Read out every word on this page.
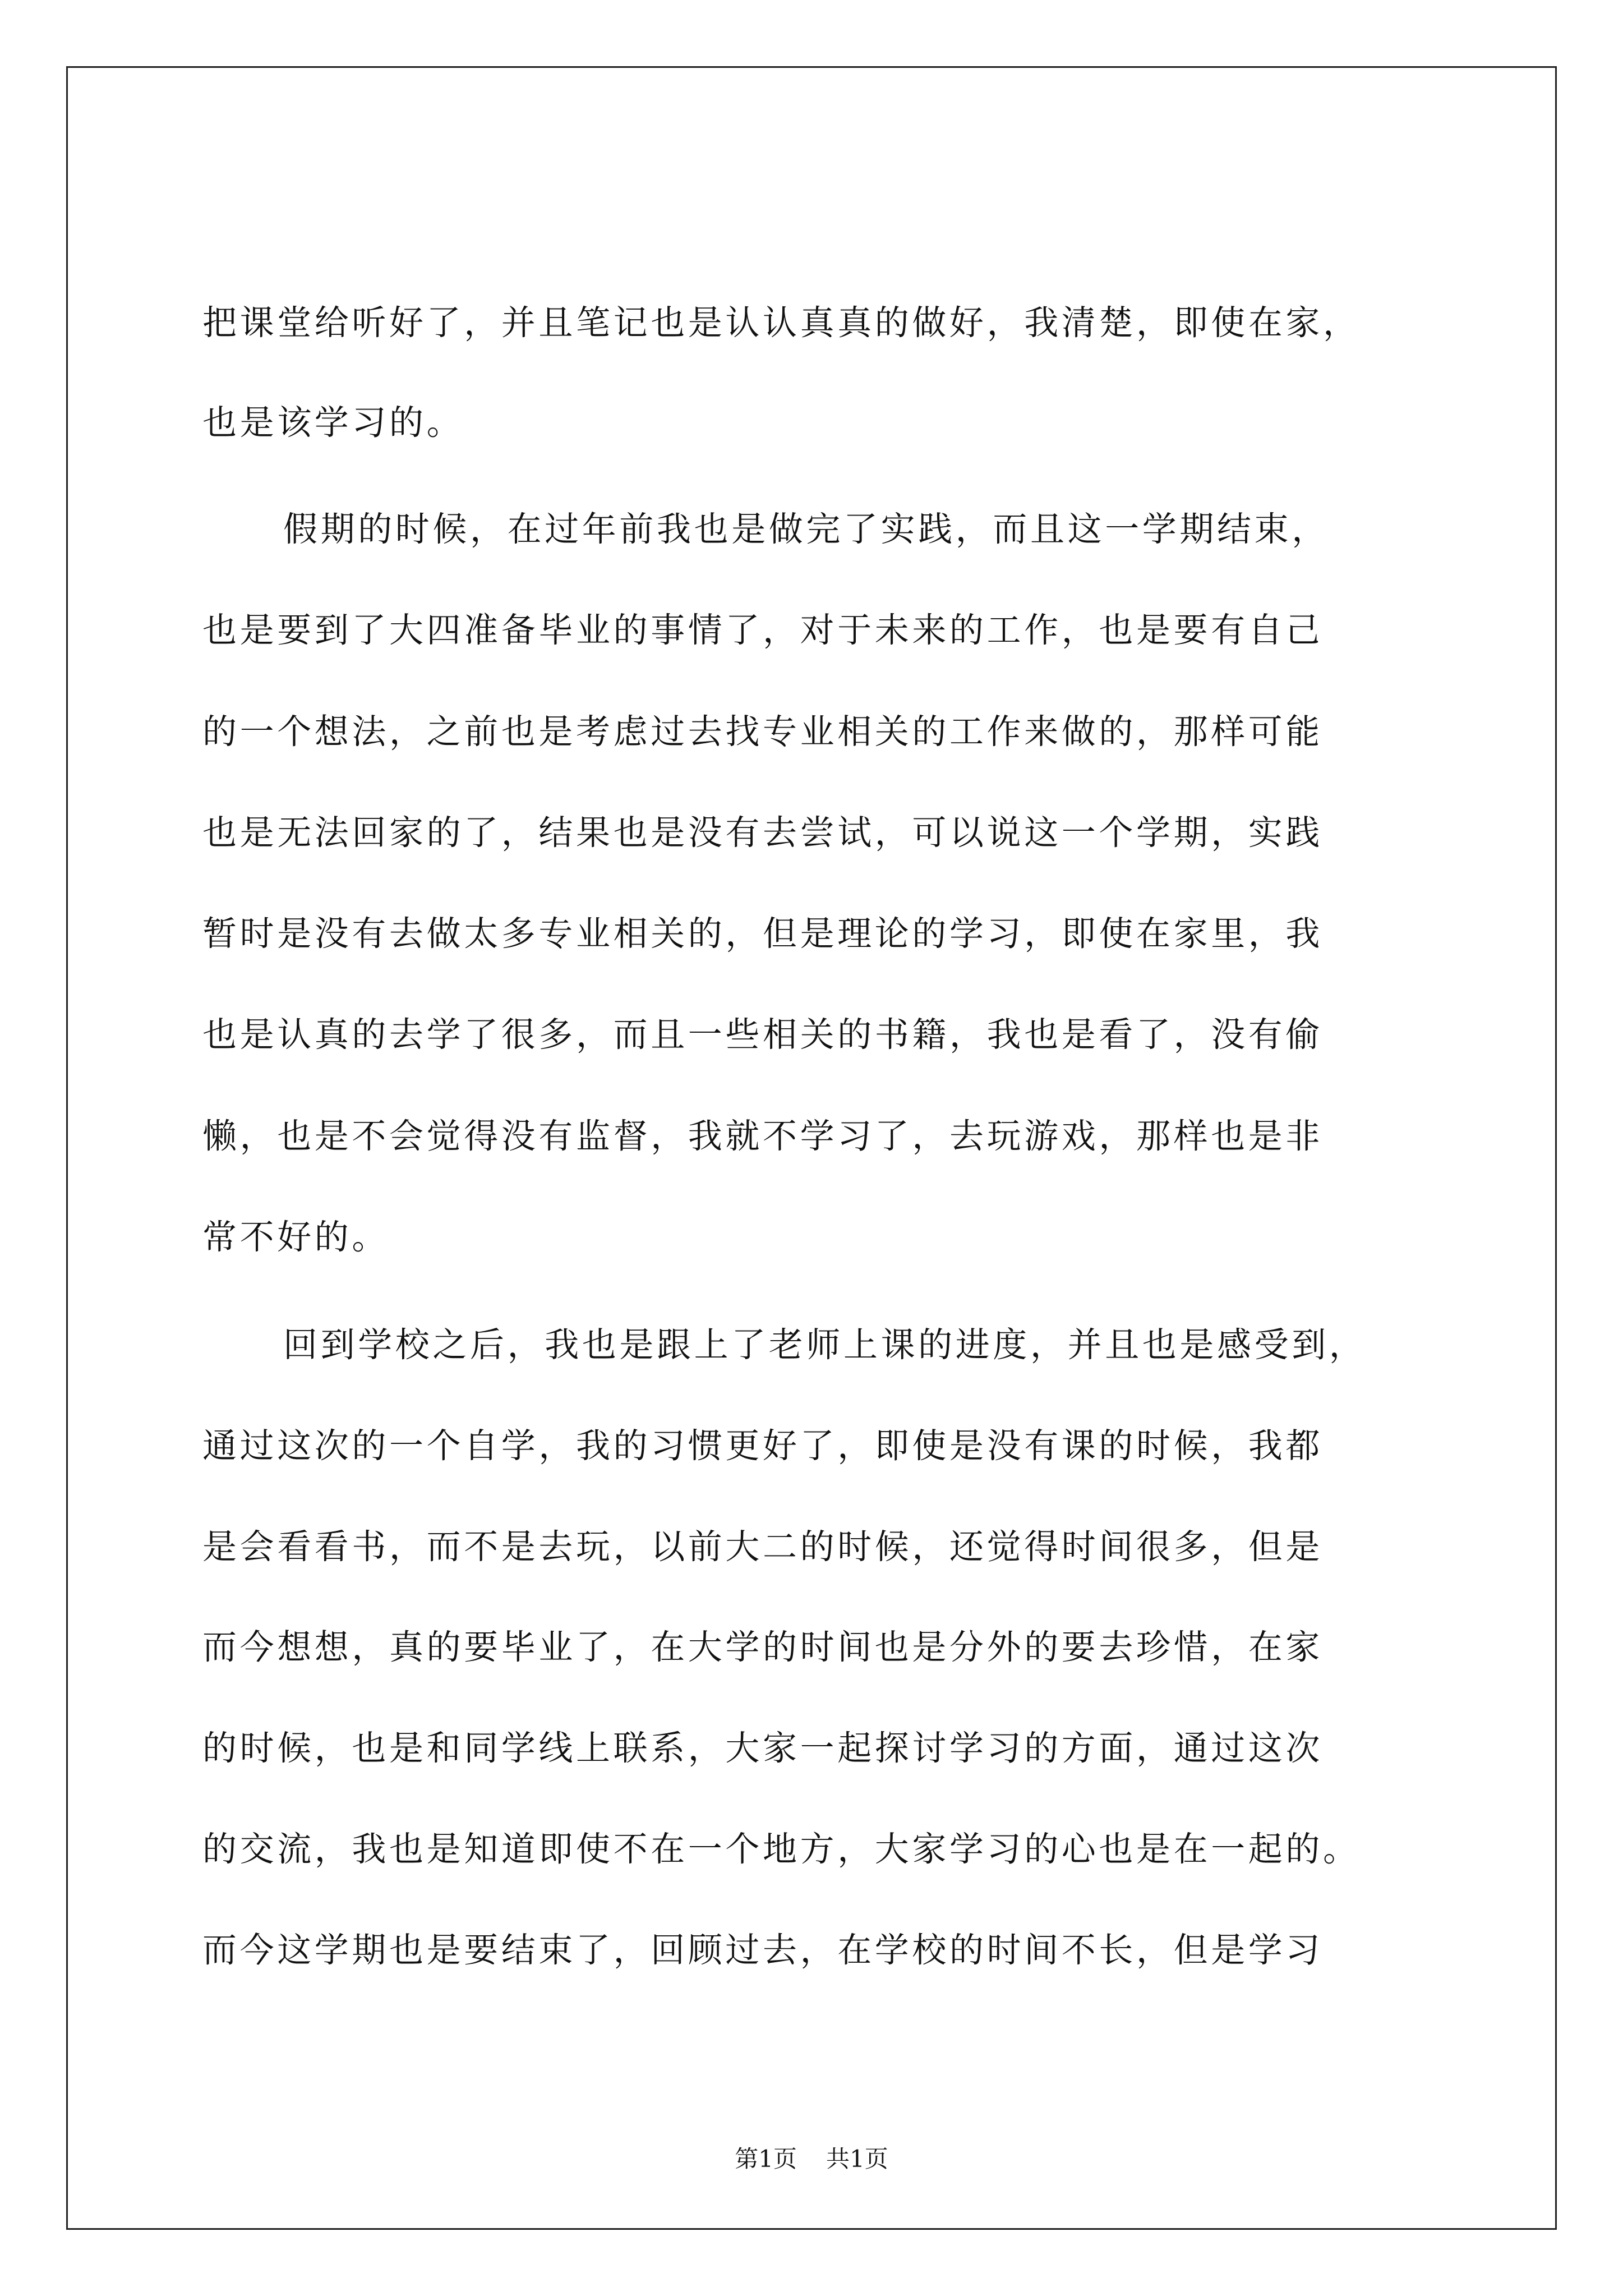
把课堂给听好了，并且笔记也是认认真真的做好，我清楚，即使在家，
也是该学习的。
假期的时候，在过年前我也是做完了实践，而且这一学期结束，
也是要到了大四准备毕业的事情了，对于未来的工作，也是要有自己
的一个想法，之前也是考虑过去找专业相关的工作来做的，那样可能
也是无法回家的了，结果也是没有去尝试，可以说这一个学期，实践
暂时是没有去做太多专业相关的，但是理论的学习，即使在家里，我
也是认真的去学了很多，而且一些相关的书籍，我也是看了，没有偷
懒，也是不会觉得没有监督，我就不学习了，去玩游戏，那样也是非
常不好的。
回到学校之后，我也是跟上了老师上课的进度，并且也是感受到，
通过这次的一个自学，我的习惯更好了，即使是没有课的时候，我都
是会看看书，而不是去玩，以前大二的时候，还觉得时间很多，但是
而今想想，真的要毕业了，在大学的时间也是分外的要去珍惜，在家
的时候，也是和同学线上联系，大家一起探讨学习的方面，通过这次
的交流，我也是知道即使不在一个地方，大家学习的心也是在一起的。
而今这学期也是要结束了，回顾过去，在学校的时间不长，但是学习
第1页 共1页
